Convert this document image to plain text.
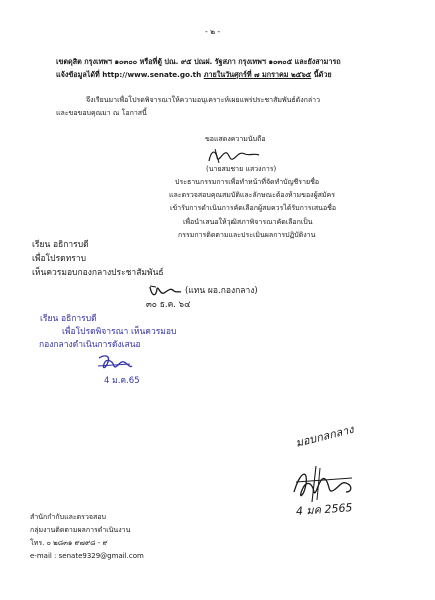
- ๒ -
เขตดุสิต กรุงเทพฯ ๑๐๓๐๐ หรือที่ตู้ ปณ. ๙๕ ปณฝ. รัฐสภา กรุงเทพฯ ๑๐๓๐๕ และยังสามารถ
แจ้งข้อมูลได้ที่ http://www.senate.go.th ภายในวันศุกร์ที่ ๗ มกราคม ๒๕๖๕ นี้ด้วย
จึงเรียนมาเพื่อโปรดพิจารณาให้ความอนุเคราะห์เผยแพร่ประชาสัมพันธ์ดังกล่าว
และขอขอบคุณมา ณ โอกาสนี้
ขอแสดงความนับถือ
(นายสมชาย แสวงการ)
ประธานกรรมการเพื่อทำหน้าที่จัดทำบัญชีรายชื่อ
และตรวจสอบคุณสมบัติและลักษณะต้องห้ามของผู้สมัคร
เข้ารับการดำเนินการคัดเลือกผู้สมควรได้รับการเสนอชื่อ
เพื่อนำเสนอให้วุฒิสภาพิจารณาคัดเลือกเป็น
กรรมการติดตามและประเมินผลการปฏิบัติงาน
เรียน อธิการบดี
เพื่อโปรดทราบ
เห็นควรมอบกองกลางประชาสัมพันธ์
(แทน ผอ.กองกลาง)
๓๐ ธ.ค. ๖๔
เรียน อธิการบดี
เพื่อโปรดพิจารณา เห็นควรมอบ
กองกลางดำเนินการดังเสนอ
4 ม.ค.65
มอบกลกลาง
4 มค 2565
สำนักกำกับและตรวจสอบ
กลุ่มงานติดตามผลการดำเนินงาน
โทร. ๐ ๒๘๓๑ ๙๗๙๘ - ๙
e-mail : senate9329@gmail.com
